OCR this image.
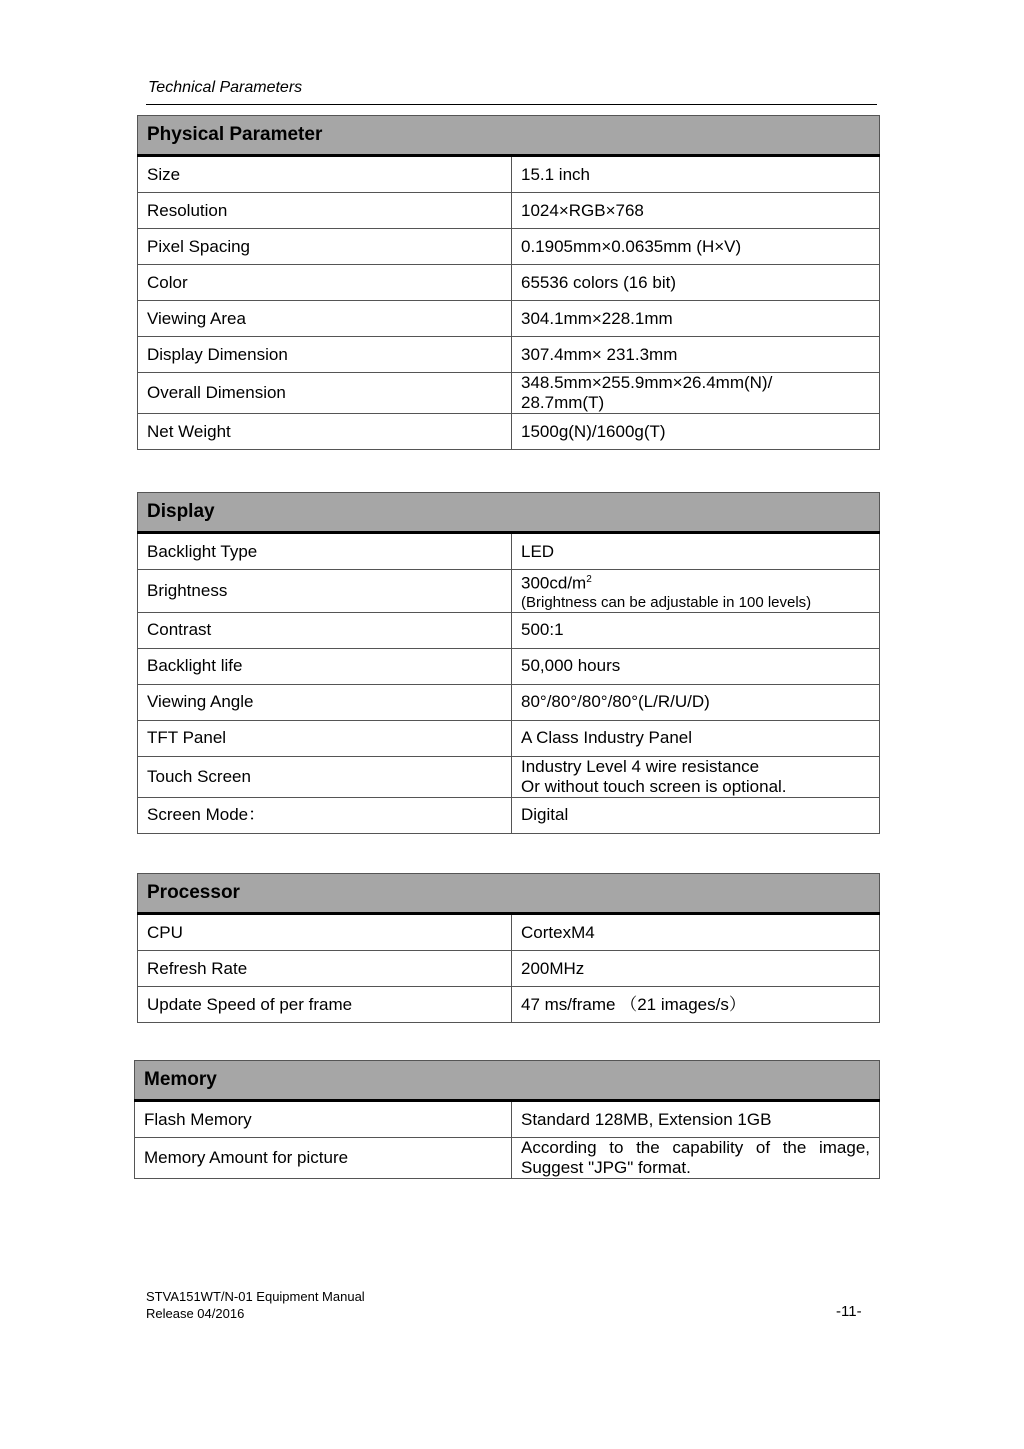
Technical Parameters
Physical Parameter	
Size	15.1 inch
Resolution	1024×RGB×768
Pixel Spacing	0.1905mm×0.0635mm (H×V)
Color	65536 colors (16 bit)
Viewing Area	304.1mm×228.1mm
Display Dimension	307.4mm× 231.3mm
Overall Dimension	348.5mm×255.9mm×26.4mm(N)/
28.7mm(T)

Net Weight	1500g(N)/1600g(T)
Display	
Backlight Type	LED
Brightness	$300cd/m^2$
(Brightness can be adjustable in 100 levels)

Contrast	500:1
Backlight life	50,000 hours
Viewing Angle	80°/80°/80°/80°(L/R/U/D)
TFT Panel	A Class Industry Panel
Touch Screen	Industry Level 4 wire resistance
Or without touch screen is optional.

Screen Mode：	Digital
Processor	
CPU	CortexM4
Refresh Rate	200MHz
Update Speed of per frame	47 ms/frame （21 images/s）
Memory	
Flash Memory	Standard 128MB, Extension 1GB
Memory Amount for picture	According to the capability of the image,
Suggest "JPG" format.
STVA151WT/N-01 Equipment Manual
Release 04/2016	-11-
